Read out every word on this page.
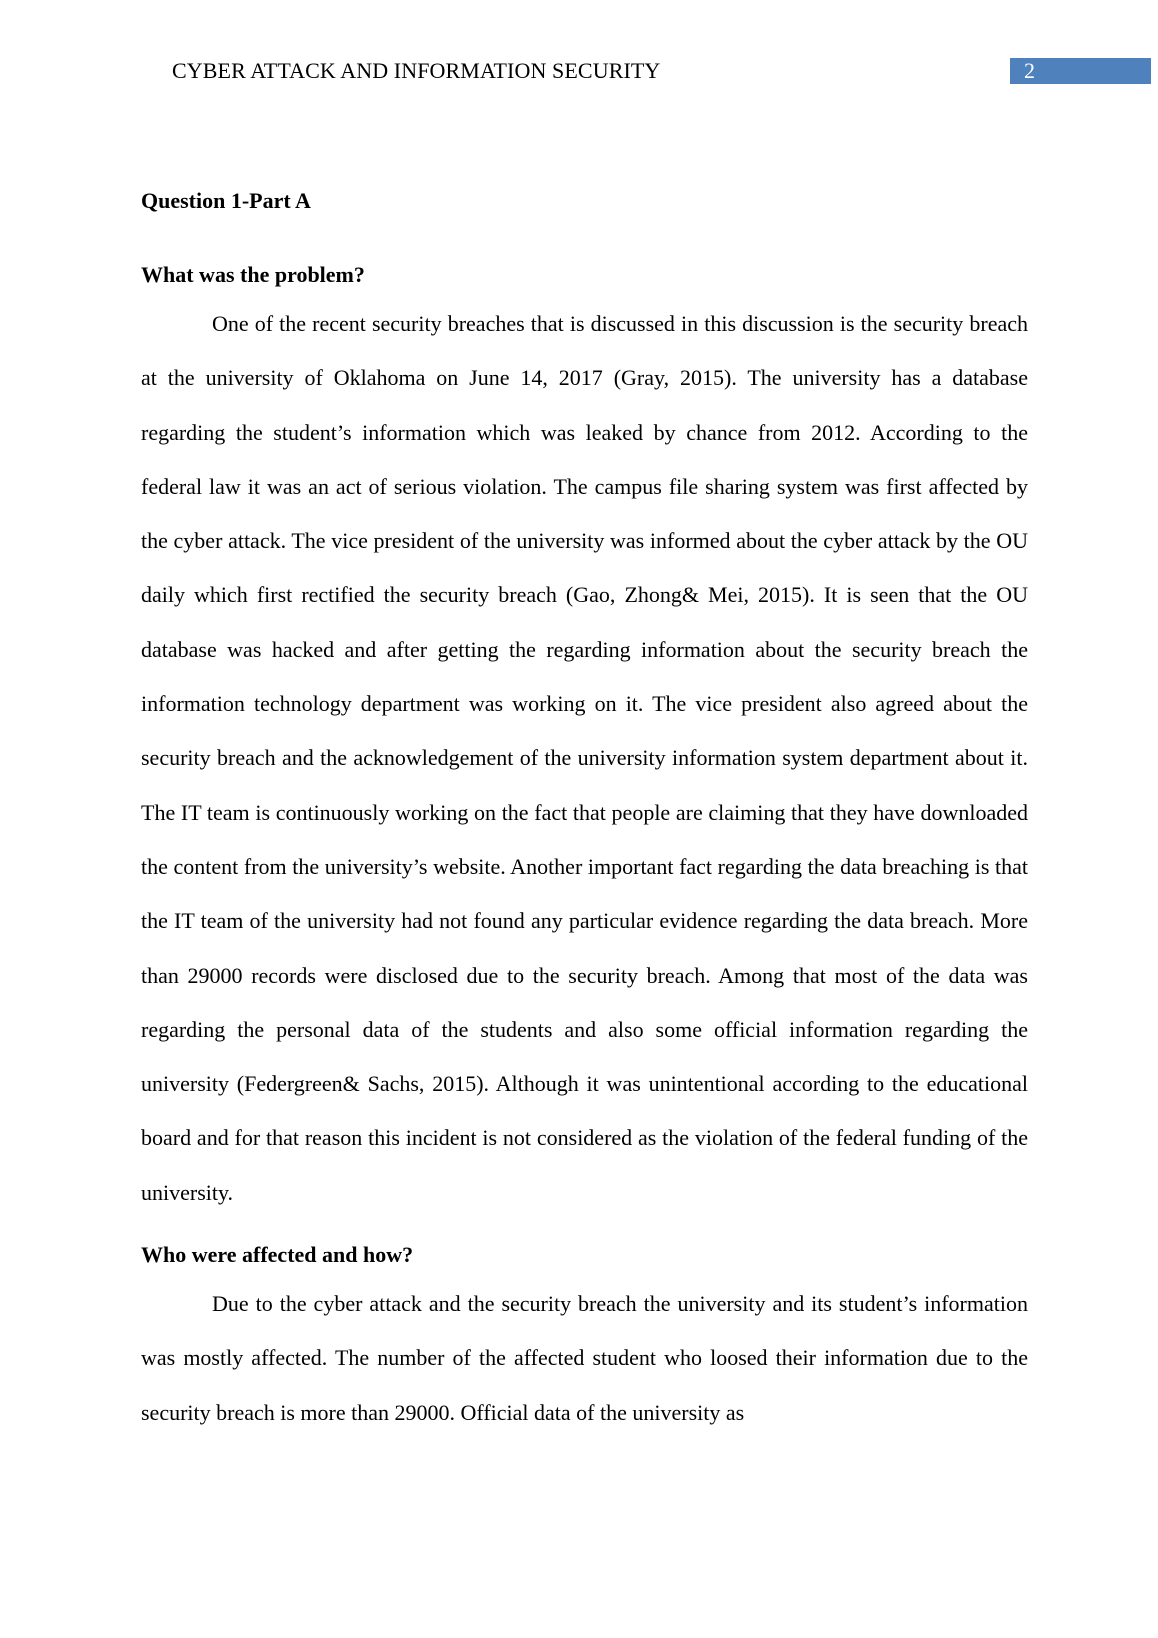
CYBER ATTACK AND INFORMATION SECURITY	2

Question 1-Part A

What was the problem?

One of the recent security breaches that is discussed in this discussion is the security breach at the university of Oklahoma on June 14, 2017 (Gray, 2015). The university has a database regarding the student’s information which was leaked by chance from 2012. According to the federal law it was an act of serious violation. The campus file sharing system was first affected by the cyber attack. The vice president of the university was informed about the cyber attack by the OU daily which first rectified the security breach (Gao, Zhong& Mei, 2015). It is seen that the OU database was hacked and after getting the regarding information about the security breach the information technology department was working on it. The vice president also agreed about the security breach and the acknowledgement of the university information system department about it. The IT team is continuously working on the fact that people are claiming that they have downloaded the content from the university’s website. Another important fact regarding the data breaching is that the IT team of the university had not found any particular evidence regarding the data breach. More than 29000 records were disclosed due to the security breach. Among that most of the data was regarding the personal data of the students and also some official information regarding the university (Federgreen& Sachs, 2015). Although it was unintentional according to the educational board and for that reason this incident is not considered as the violation of the federal funding of the university.

Who were affected and how?

Due to the cyber attack and the security breach the university and its student’s information was mostly affected. The number of the affected student who loosed their information due to the security breach is more than 29000. Official data of the university as
